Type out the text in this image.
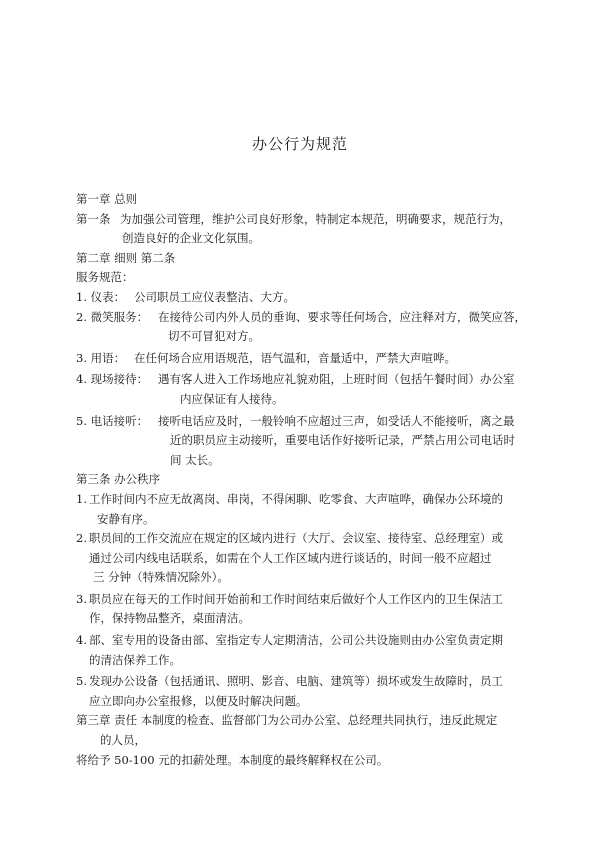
办公行为规范
第一章 总则
第一条 为加强公司管理，维护公司良好形象，特制定本规范，明确要求，规范行为，
创造良好的企业文化氛围。
第二章 细则 第二条
服务规范：
1. 仪表： 公司职员工应仪表整洁、大方。
2. 微笑服务： 在接待公司内外人员的垂询、要求等任何场合，应注释对方，微笑应答，
切不可冒犯对方。
3. 用语： 在任何场合应用语规范，语气温和，音量适中，严禁大声喧哗。
4. 现场接待： 遇有客人进入工作场地应礼貌劝阻，上班时间（包括午餐时间）办公室
内应保证有人接待。
5. 电话接听： 接听电话应及时，一般铃响不应超过三声，如受话人不能接听，离之最
近的职员应主动接听，重要电话作好接听记录，严禁占用公司电话时
间 太长。
第三条 办公秩序
1. 工作时间内不应无故离岗、串岗，不得闲聊、吃零食、大声喧哗，确保办公环境的
安静有序。
2. 职员间的工作交流应在规定的区域内进行（大厅、会议室、接待室、总经理室）或
通过公司内线电话联系，如需在个人工作区域内进行谈话的，时间一般不应超过
三 分钟（特殊情况除外）。
3. 职员应在每天的工作时间开始前和工作时间结束后做好个人工作区内的卫生保洁工
作，保持物品整齐，桌面清洁。
4. 部、室专用的设备由部、室指定专人定期清洁，公司公共设施则由办公室负责定期
的清洁保养工作。
5. 发现办公设备（包括通讯、照明、影音、电脑、建筑等）损坏或发生故障时，员工
应立即向办公室报修，以便及时解决问题。
第三章 责任 本制度的检查、监督部门为公司办公室、总经理共同执行，违反此规定
的人员，
将给予 50-100 元的扣薪处理。本制度的最终解释权在公司。
